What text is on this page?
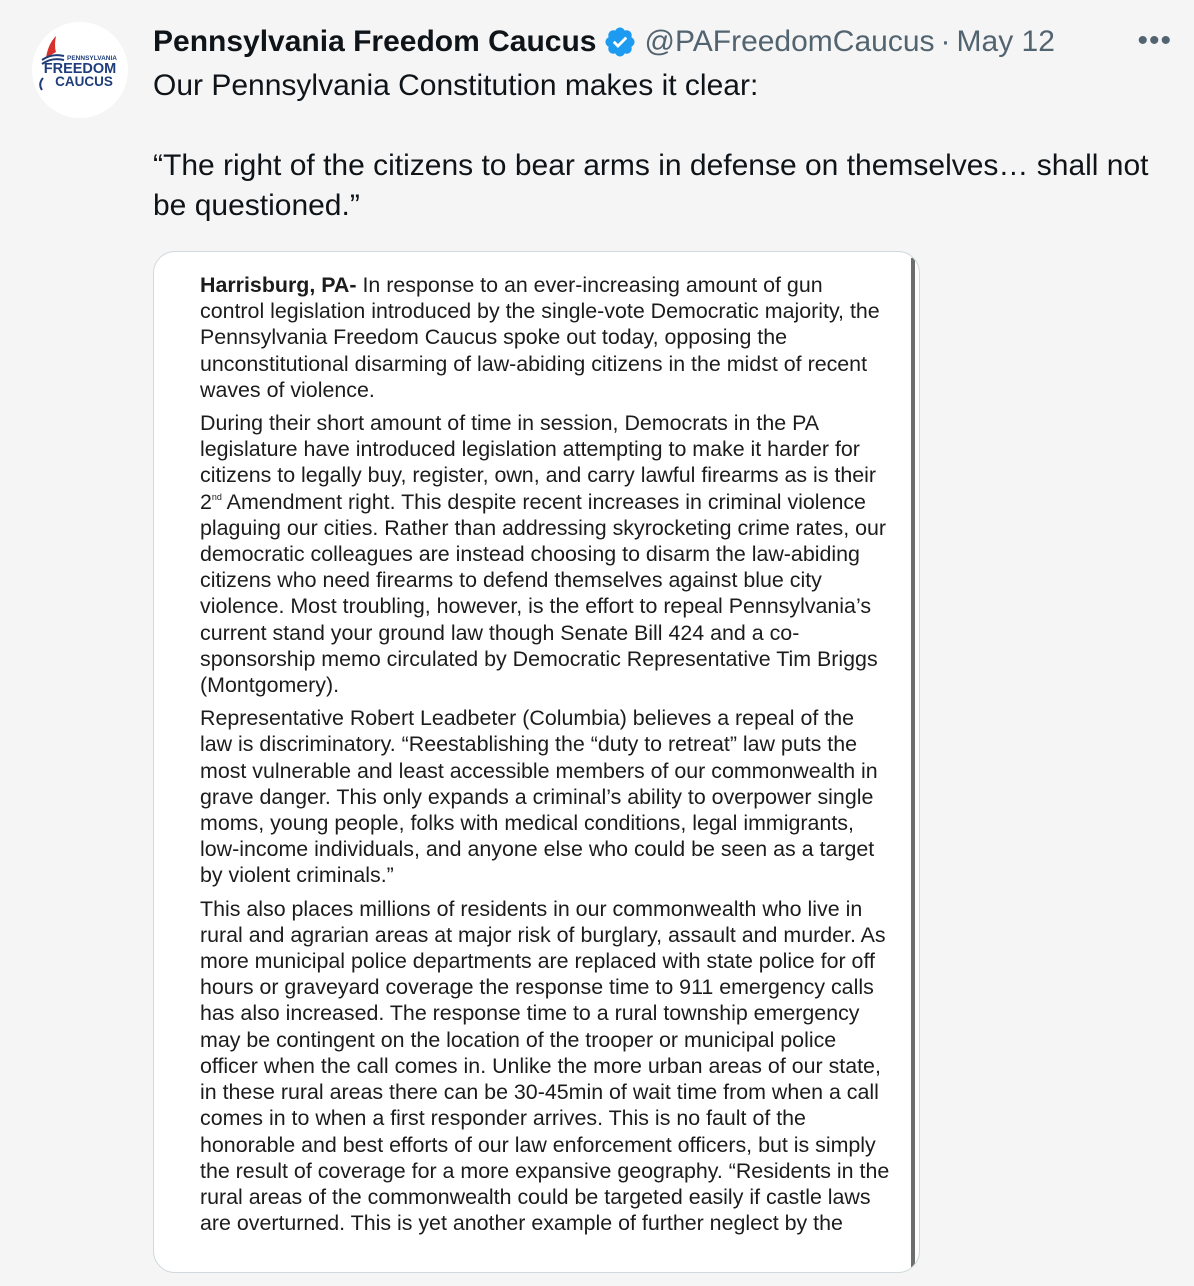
PENNSYLVANIA
FREEDOM
CAUCUS
Pennsylvania Freedom Caucus @PAFreedomCaucus · May 12	•••

Our Pennsylvania Constitution makes it clear:

“The right of the citizens to bear arms in defense on themselves… shall not be questioned.”

Harrisburg, PA- In response to an ever-increasing amount of gun control legislation introduced by the single-vote Democratic majority, the Pennsylvania Freedom Caucus spoke out today, opposing the unconstitutional disarming of law-abiding citizens in the midst of recent waves of violence.

During their short amount of time in session, Democrats in the PA legislature have introduced legislation attempting to make it harder for citizens to legally buy, register, own, and carry lawful firearms as is their 2nd Amendment right. This despite recent increases in criminal violence plaguing our cities. Rather than addressing skyrocketing crime rates, our democratic colleagues are instead choosing to disarm the law-abiding citizens who need firearms to defend themselves against blue city violence. Most troubling, however, is the effort to repeal Pennsylvania’s current stand your ground law though Senate Bill 424 and a co-sponsorship memo circulated by Democratic Representative Tim Briggs (Montgomery).

Representative Robert Leadbeter (Columbia) believes a repeal of the law is discriminatory. “Reestablishing the “duty to retreat” law puts the most vulnerable and least accessible members of our commonwealth in grave danger. This only expands a criminal’s ability to overpower single moms, young people, folks with medical conditions, legal immigrants, low-income individuals, and anyone else who could be seen as a target by violent criminals.”

This also places millions of residents in our commonwealth who live in rural and agrarian areas at major risk of burglary, assault and murder. As more municipal police departments are replaced with state police for off hours or graveyard coverage the response time to 911 emergency calls has also increased. The response time to a rural township emergency may be contingent on the location of the trooper or municipal police officer when the call comes in. Unlike the more urban areas of our state, in these rural areas there can be 30-45min of wait time from when a call comes in to when a first responder arrives. This is no fault of the honorable and best efforts of our law enforcement officers, but is simply the result of coverage for a more expansive geography. “Residents in the rural areas of the commonwealth could be targeted easily if castle laws are overturned. This is yet another example of further neglect by the
